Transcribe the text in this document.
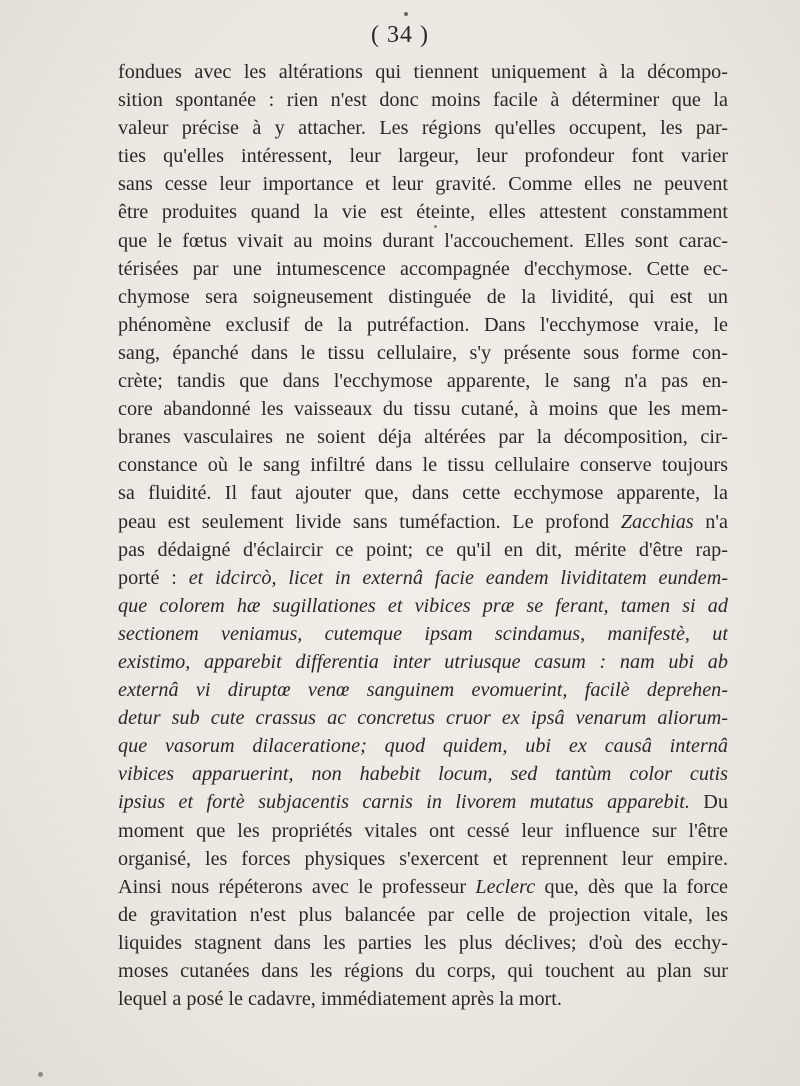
( 34 )
fondues avec les altérations qui tiennent uniquement à la décompo-
sition spontanée : rien n'est donc moins facile à déterminer que la
valeur précise à y attacher. Les régions qu'elles occupent, les par-
ties qu'elles intéressent, leur largeur, leur profondeur font varier
sans cesse leur importance et leur gravité. Comme elles ne peuvent
être produites quand la vie est éteinte, elles attestent constamment
que le fœtus vivait au moins durant l'accouchement. Elles sont carac-
térisées par une intumescence accompagnée d'ecchymose. Cette ec-
chymose sera soigneusement distinguée de la lividité, qui est un
phénomène exclusif de la putréfaction. Dans l'ecchymose vraie, le
sang, épanché dans le tissu cellulaire, s'y présente sous forme con-
crète; tandis que dans l'ecchymose apparente, le sang n'a pas en-
core abandonné les vaisseaux du tissu cutané, à moins que les mem-
branes vasculaires ne soient déja altérées par la décomposition, cir-
constance où le sang infiltré dans le tissu cellulaire conserve toujours
sa fluidité. Il faut ajouter que, dans cette ecchymose apparente, la
peau est seulement livide sans tuméfaction. Le profond Zacchias n'a
pas dédaigné d'éclaircir ce point; ce qu'il en dit, mérite d'être rap-
porté : et idcircò, licet in externâ facie eandem lividitatem eundem-
que colorem hæ sugillationes et vibices præ se ferant, tamen si ad
sectionem veniamus, cutemque ipsam scindamus, manifestè, ut
existimo, apparebit differentia inter utriusque casum : nam ubi ab
externâ vi diruptœ venœ sanguinem evomuerint, facilè deprehen-
detur sub cute crassus ac concretus cruor ex ipsâ venarum aliorum-
que vasorum dilaceratione; quod quidem, ubi ex causâ internâ
vibices apparuerint, non habebit locum, sed tantùm color cutis
ipsius et fortè subjacentis carnis in livorem mutatus apparebit. Du
moment que les propriétés vitales ont cessé leur influence sur l'être
organisé, les forces physiques s'exercent et reprennent leur empire.
Ainsi nous répéterons avec le professeur Leclerc que, dès que la force
de gravitation n'est plus balancée par celle de projection vitale, les
liquides stagnent dans les parties les plus déclives; d'où des ecchy-
moses cutanées dans les régions du corps, qui touchent au plan sur
lequel a posé le cadavre, immédiatement après la mort.
